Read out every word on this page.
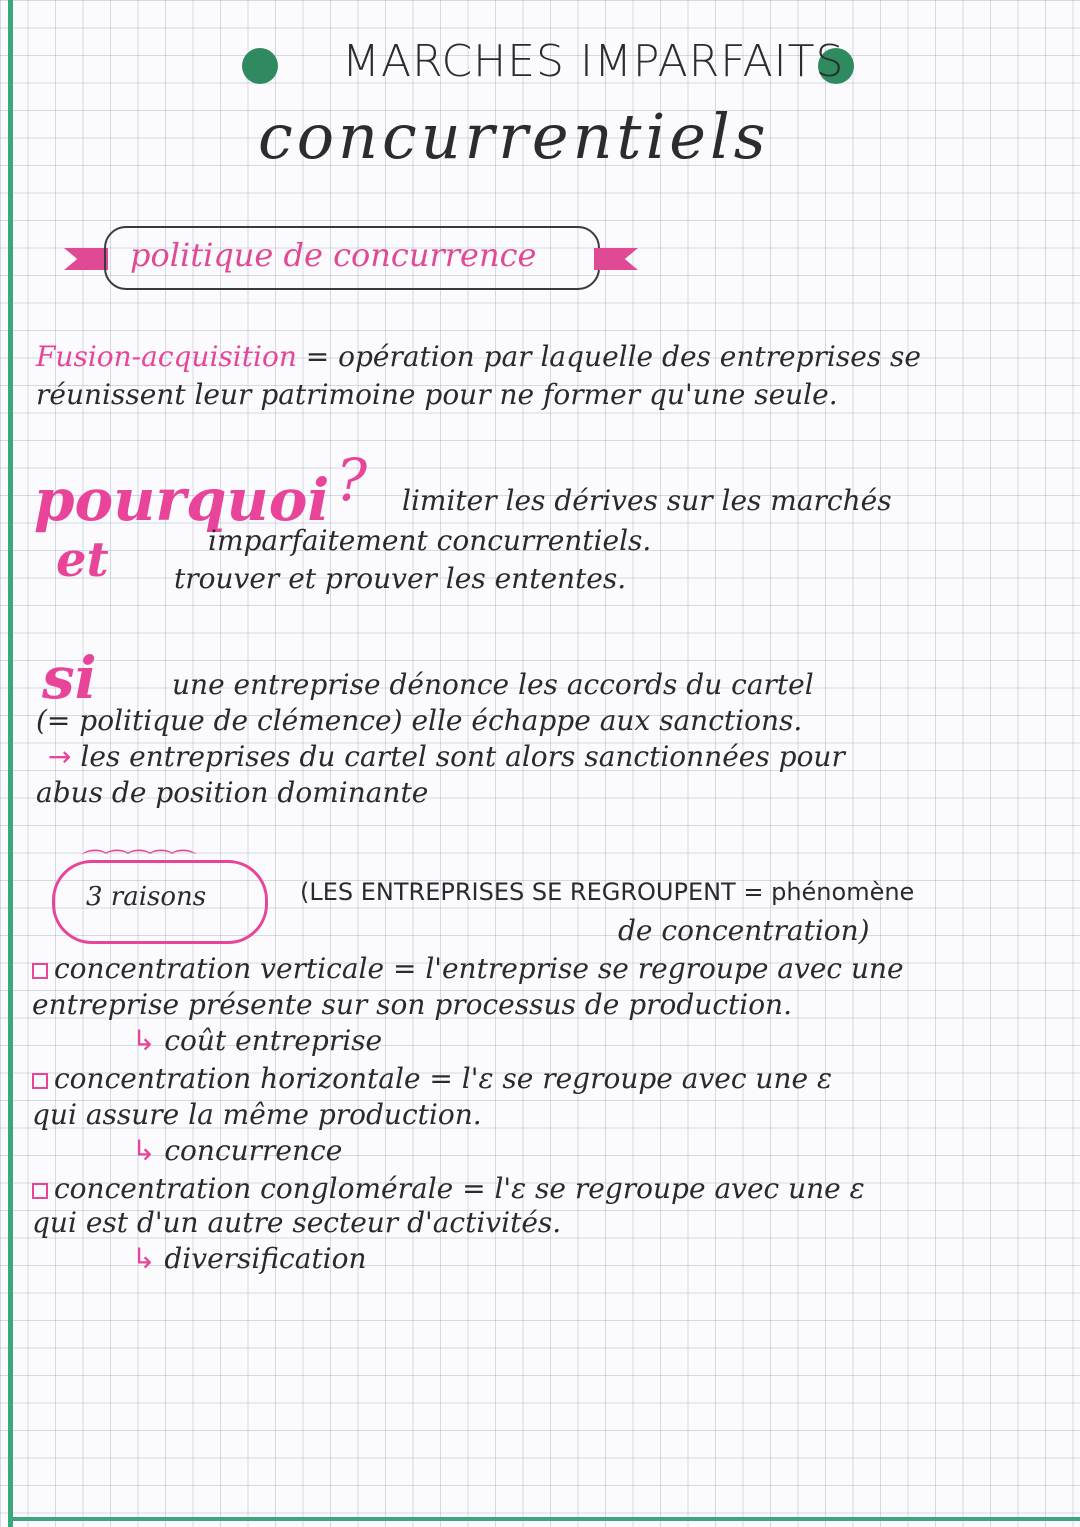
MARCHES IMPARFAITS
concurrentiels
politique de concurrence
Fusion-acquisition = opération par laquelle des entreprises se
réunissent leur patrimoine pour ne former qu'une seule.
pourquoi ? limiter les dérives sur les marchés
imparfaitement concurrentiels.
et trouver et prouver les ententes.
si	une entreprise dénonce les accords du cartel
(= politique de clémence) elle échappe aux sanctions.
→ les entreprises du cartel sont alors sanctionnées pour
abus de position dominante
⌒⌒⌒⌒⌒
3 raisons	(LES ENTREPRISES SE REGROUPENT = phénomène
de concentration)
concentration verticale = l'entreprise se regroupe avec une
entreprise présente sur son processus de production.
↳ coût entreprise
concentration horizontale = l'ε se regroupe avec une ε
qui assure la même production.
↳ concurrence
concentration conglomérale = l'ε se regroupe avec une ε
qui est d'un autre secteur d'activités.
↳ diversification
